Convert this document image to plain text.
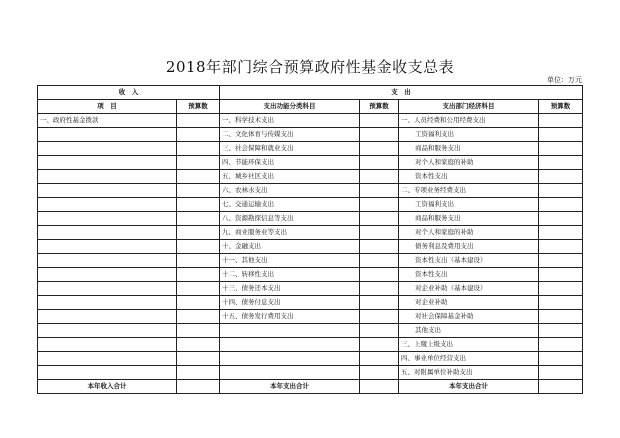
2018年部门综合预算政府性基金收支总表
单位：万元
收　入		支　出			
项　目	预算数	支出功能分类科目	预算数	支出部门经济科目	预算数
一、政府性基金拨款		一、科学技术支出		一、人员经费和公用经费支出	
		二、文化体育与传媒支出		工资福利支出	
		三、社会保障和就业支出		商品和服务支出	
		四、节能环保支出		对个人和家庭的补助	
		五、城乡社区支出		资本性支出	
		六、农林水支出		二、专项业务经费支出	
		七、交通运输支出		工资福利支出	
		八、资源勘探信息等支出		商品和服务支出	
		九、商业服务业等支出		对个人和家庭的补助	
		十、金融支出		债务利息及费用支出	
		十一、其他支出		资本性支出（基本建设）	
		十二、转移性支出		资本性支出	
		十三、债务还本支出		对企业补助（基本建设）	
		十四、债务付息支出		对企业补助	
		十五、债务发行费用支出		对社会保障基金补助	
				其他支出	
				三、上缴上级支出	
				四、事业单位经营支出	
				五、对附属单位补助支出	
本年收入合计		本年支出合计		本年支出合计	
